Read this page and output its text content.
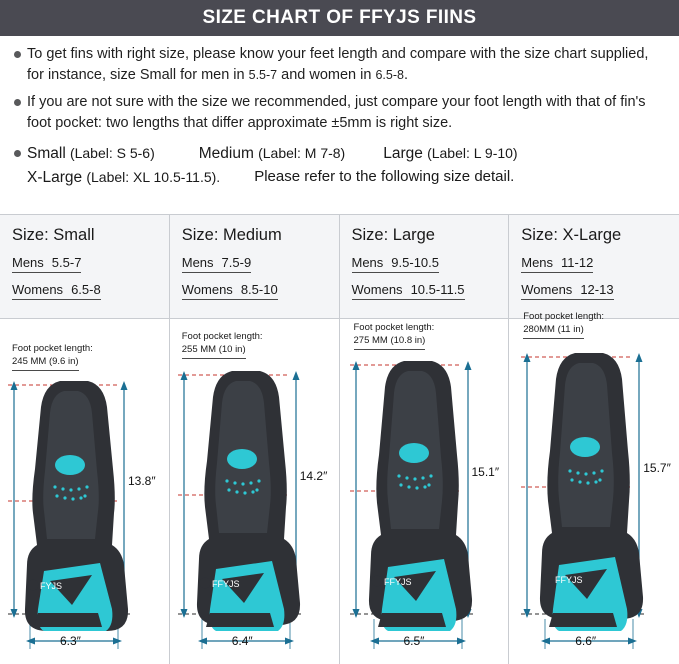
SIZE CHART OF FFYJS FIINS
To get fins with right size, please know your feet length and compare with the size chart supplied, for instance, size Small for men in 5.5-7 and women in 6.5-8.
If you are not sure with the size we recommended, just compare your foot length with that of fin's foot pocket: two lengths that differ approximate ±5mm is right size.
Small (Label: S 5-6)	Medium (Label: M 7-8) Large (Label: L 9-10)
X-Large (Label: XL 10.5-11.5). Please refer to the following size detail.
Size: Small
Mens 5.5-7
Womens 6.5-8
Foot pocket length:
245 MM (9.6 in)
13.8″
6.3″
FYJS
Size: Medium
Mens 7.5-9
Womens 8.5-10
Foot pocket length:
255 MM (10 in)
14.2″
6.4″
FFYJS
Size: Large
Mens 9.5-10.5
Womens 10.5-11.5
Foot pocket length:
275 MM (10.8 in)
15.1″
6.5″
FFYJS
Size: X-Large
Mens 11-12
Womens 12-13
Foot pocket length:
280MM (11 in)
15.7″
6.6″
FFYJS
